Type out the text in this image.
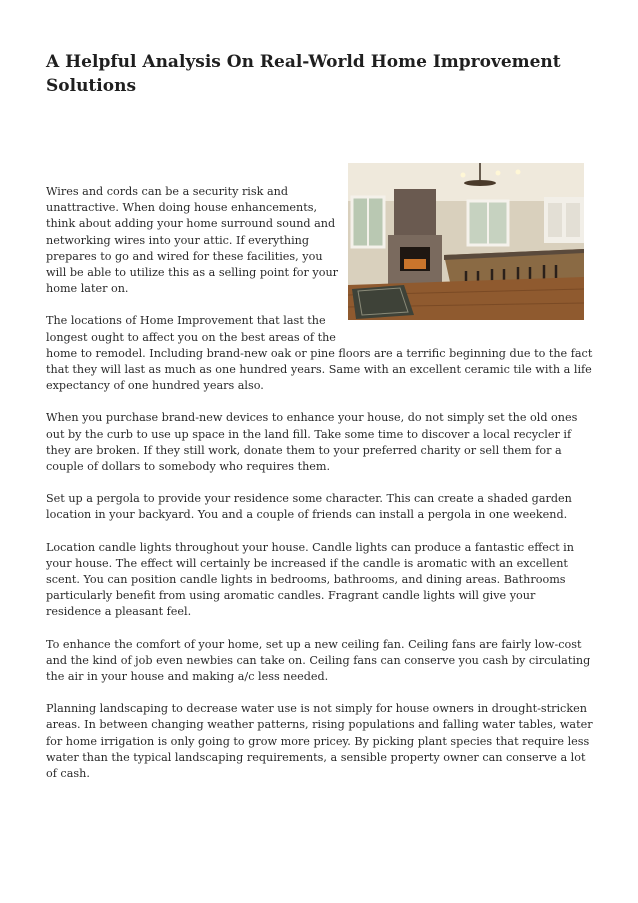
A Helpful Analysis On Real-World Home Improvement Solutions

Wires and cords can be a security risk and unattractive. When doing house enhancements, think about adding your home surround sound and networking wires into your attic. If everything prepares to go and wired for these facilities, you will be able to utilize this as a selling point for your home later on.

The locations of Home Improvement that last the longest ought to affect you on the best areas of the home to remodel. Including brand-new oak or pine floors are a terrific beginning due to the fact that they will last as much as one hundred years. Same with an excellent ceramic tile with a life expectancy of one hundred years also.

When you purchase brand-new devices to enhance your house, do not simply set the old ones out by the curb to use up space in the land fill. Take some time to discover a local recycler if they are broken. If they still work, donate them to your preferred charity or sell them for a couple of dollars to somebody who requires them.

Set up a pergola to provide your residence some character. This can create a shaded garden location in your backyard. You and a couple of friends can install a pergola in one weekend.

Location candle lights throughout your house. Candle lights can produce a fantastic effect in your house. The effect will certainly be increased if the candle is aromatic with an excellent scent. You can position candle lights in bedrooms, bathrooms, and dining areas. Bathrooms particularly benefit from using aromatic candles. Fragrant candle lights will give your residence a pleasant feel.

To enhance the comfort of your home, set up a new ceiling fan. Ceiling fans are fairly low-cost and the kind of job even newbies can take on. Ceiling fans can conserve you cash by circulating the air in your house and making a/c less needed.

Planning landscaping to decrease water use is not simply for house owners in drought-stricken areas. In between changing weather patterns, rising populations and falling water tables, water for home irrigation is only going to grow more pricey. By picking plant species that require less water than the typical landscaping requirements, a sensible property owner can conserve a lot of cash.
